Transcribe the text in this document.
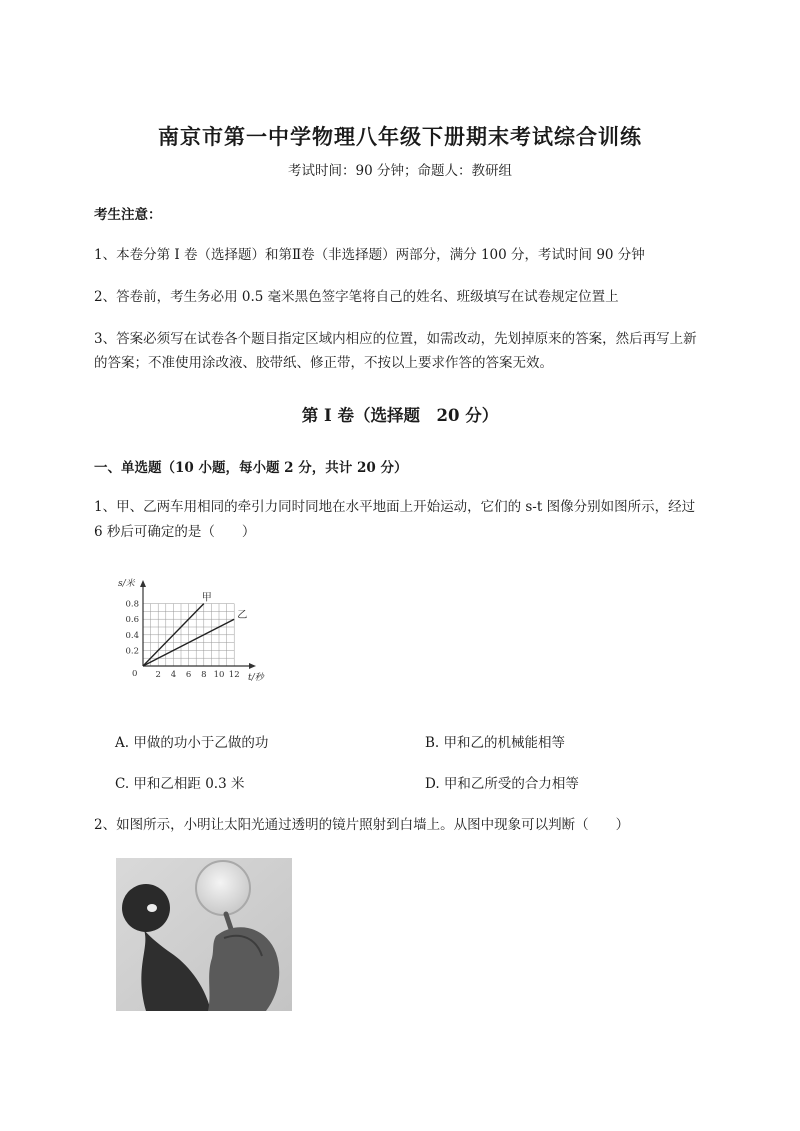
南京市第一中学物理八年级下册期末考试综合训练
考试时间：90 分钟；命题人：教研组
考生注意：
1、本卷分第 I 卷（选择题）和第Ⅱ卷（非选择题）两部分，满分 100 分，考试时间 90 分钟
2、答卷前，考生务必用 0.5 毫米黑色签字笔将自己的姓名、班级填写在试卷规定位置上
3、答案必须写在试卷各个题目指定区域内相应的位置，如需改动，先划掉原来的答案，然后再写上新
的答案；不准使用涂改液、胶带纸、修正带，不按以上要求作答的答案无效。
第 I 卷（选择题　20 分）
一、单选题（10 小题，每小题 2 分，共计 20 分）
1、甲、乙两车用相同的牵引力同时同地在水平地面上开始运动，它们的 s-t 图像分别如图所示，经过
6 秒后可确定的是（　　）
2 4 6 8 10 12
0.2
0.4
0.6
0.8
甲
乙
s/米
t/秒
0
A. 甲做的功小于乙做的功	B. 甲和乙的机械能相等
C. 甲和乙相距 0.3 米	D. 甲和乙所受的合力相等
2、如图所示，小明让太阳光通过透明的镜片照射到白墙上。从图中现象可以判断（　　）
